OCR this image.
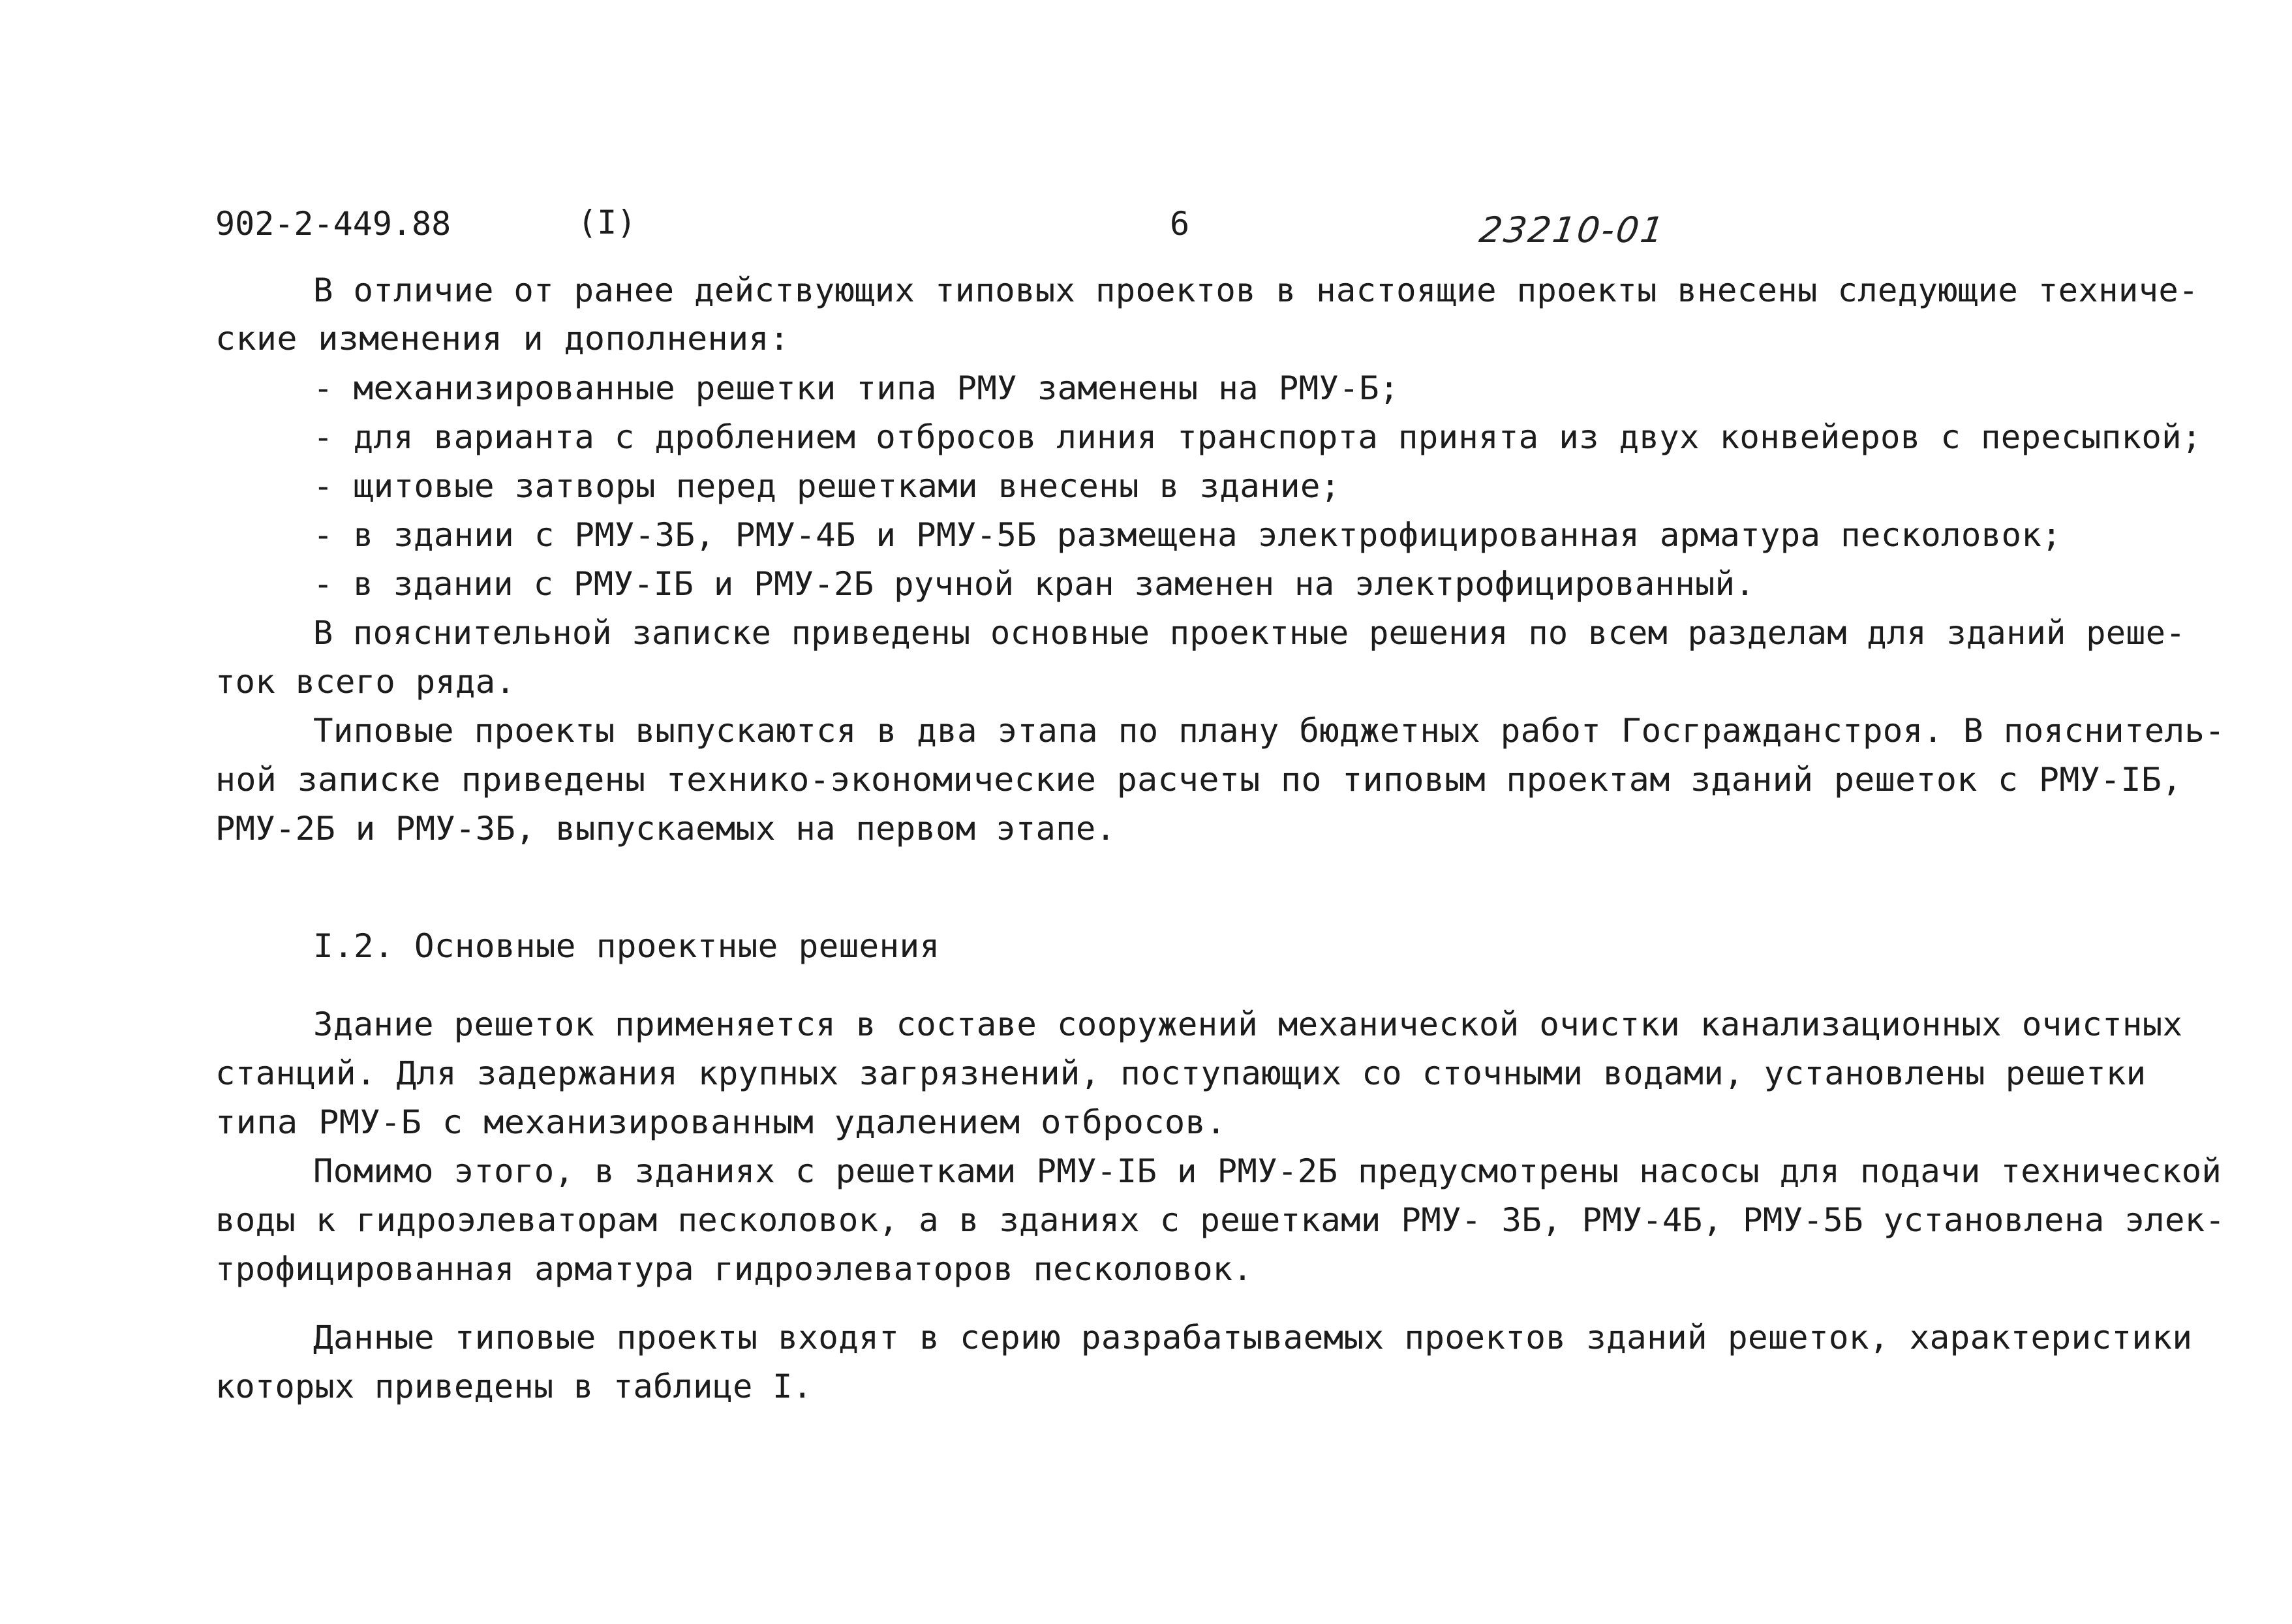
902-2-449.88	(I)	6	23210-01
В отличие от ранее действующих типовых проектов в настоящие проекты внесены следующие техниче-
ские изменения и дополнения:
- механизированные решетки типа РМУ заменены на РМУ-Б;
- для варианта с дроблением отбросов линия транспорта принята из двух конвейеров с пересыпкой;
- щитовые затворы перед решетками внесены в здание;
- в здании с РМУ-3Б, РМУ-4Б и РМУ-5Б размещена электрофицированная арматура песколовок;
- в здании с РМУ-IБ и РМУ-2Б ручной кран заменен на электрофицированный.
В пояснительной записке приведены основные проектные решения по всем разделам для зданий реше-
ток всего ряда.
Типовые проекты выпускаются в два этапа по плану бюджетных работ Госгражданстроя. В пояснитель-
ной записке приведены технико-экономические расчеты по типовым проектам зданий решеток с РМУ-IБ,
РМУ-2Б и РМУ-3Б, выпускаемых на первом этапе.
I.2. Основные проектные решения
Здание решеток применяется в составе сооружений механической очистки канализационных очистных
станций. Для задержания крупных загрязнений, поступающих со сточными водами, установлены решетки
типа РМУ-Б с механизированным удалением отбросов.
Помимо этого, в зданиях с решетками РМУ-IБ и РМУ-2Б предусмотрены насосы для подачи технической
воды к гидроэлеваторам песколовок, а в зданиях с решетками РМУ- 3Б, РМУ-4Б, РМУ-5Б установлена элек-
трофицированная арматура гидроэлеваторов песколовок.
Данные типовые проекты входят в серию разрабатываемых проектов зданий решеток, характеристики
которых приведены в таблице I.
